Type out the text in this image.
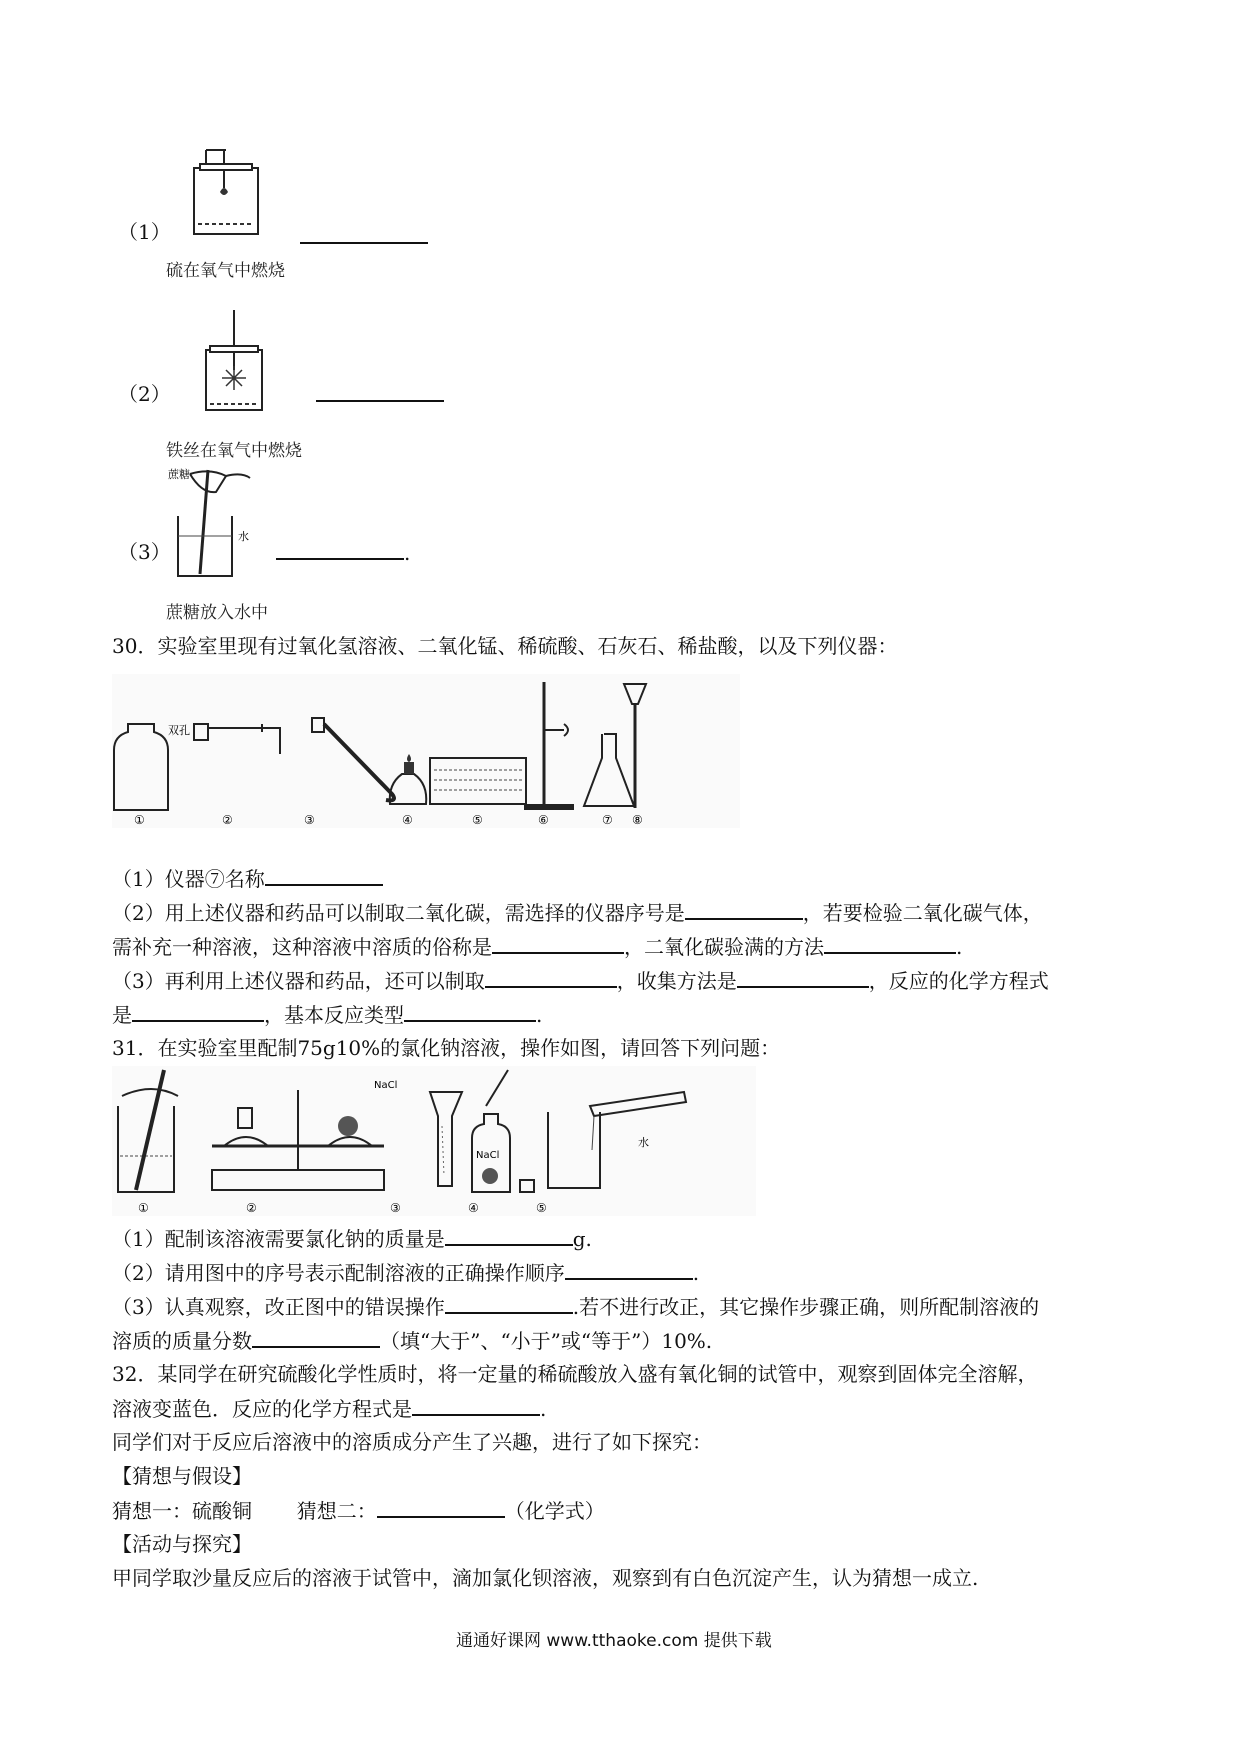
（1）
硫在氧气中燃烧
（2）
铁丝在氧气中燃烧
（3）
蔗糖
水
蔗糖放入水中
.
30．实验室里现有过氧化氢溶液、二氧化锰、稀硫酸、石灰石、稀盐酸，以及下列仪器：
双孔
①	②	③	④	⑤	⑥	⑦ ⑧
（1）仪器⑦名称
（2）用上述仪器和药品可以制取二氧化碳，需选择的仪器序号是	，若要检验二氧化碳气体，
需补充一种溶液，这种溶液中溶质的俗称是	，二氧化碳验满的方法	.
（3）再利用上述仪器和药品，还可以制取	，收集方法是	，反应的化学方程式
是	，基本反应类型	.
31．在实验室里配制75g10%的氯化钠溶液，操作如图，请回答下列问题：
NaCl
NaCl
水
①	②	③	④	⑤
（1）配制该溶液需要氯化钠的质量是	g.
（2）请用图中的序号表示配制溶液的正确操作顺序	.
（3）认真观察，改正图中的错误操作	.若不进行改正，其它操作步骤正确，则所配制溶液的
溶质的质量分数	（填“大于”、“小于”或“等于”）10%.
32．某同学在研究硫酸化学性质时，将一定量的稀硫酸放入盛有氧化铜的试管中，观察到固体完全溶解，
溶液变蓝色．反应的化学方程式是	.
同学们对于反应后溶液中的溶质成分产生了兴趣，进行了如下探究：
【猜想与假设】
猜想一：硫酸铜 猜想二：	（化学式）
【活动与探究】
甲同学取沙量反应后的溶液于试管中，滴加氯化钡溶液，观察到有白色沉淀产生，认为猜想一成立.
通通好课网 www.tthaoke.com 提供下载
